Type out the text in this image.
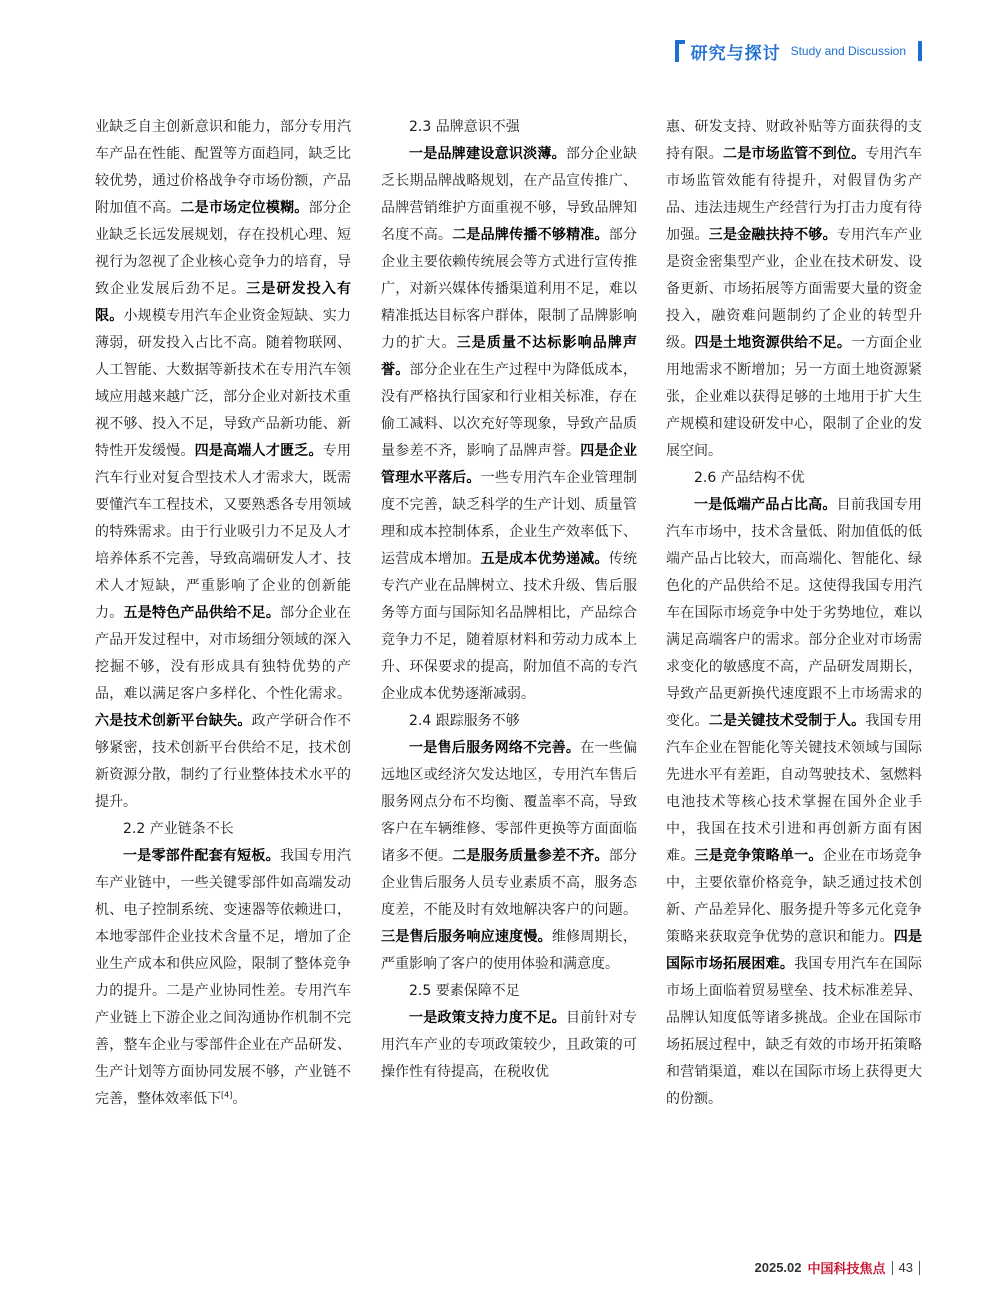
研究与探讨 Study and Discussion

业缺乏自主创新意识和能力，部分专用汽车产品在性能、配置等方面趋同，缺乏比较优势，通过价格战争夺市场份额，产品附加值不高。二是市场定位模糊。部分企业缺乏长远发展规划，存在投机心理、短视行为忽视了企业核心竞争力的培育，导致企业发展后劲不足。三是研发投入有限。小规模专用汽车企业资金短缺、实力薄弱，研发投入占比不高。随着物联网、人工智能、大数据等新技术在专用汽车领域应用越来越广泛，部分企业对新技术重视不够、投入不足，导致产品新功能、新特性开发缓慢。四是高端人才匮乏。专用汽车行业对复合型技术人才需求大，既需要懂汽车工程技术，又要熟悉各专用领域的特殊需求。由于行业吸引力不足及人才培养体系不完善，导致高端研发人才、技术人才短缺，严重影响了企业的创新能力。五是特色产品供给不足。部分企业在产品开发过程中，对市场细分领域的深入挖掘不够，没有形成具有独特优势的产品，难以满足客户多样化、个性化需求。六是技术创新平台缺失。政产学研合作不够紧密，技术创新平台供给不足，技术创新资源分散，制约了行业整体技术水平的提升。

2.2 产业链条不长

一是零部件配套有短板。我国专用汽车产业链中，一些关键零部件如高端发动机、电子控制系统、变速器等依赖进口，本地零部件企业技术含量不足，增加了企业生产成本和供应风险，限制了整体竞争力的提升。二是产业协同性差。专用汽车产业链上下游企业之间沟通协作机制不完善，整车企业与零部件企业在产品研发、生产计划等方面协同发展不够，产业链不完善，整体效率低下[4]。

2.3 品牌意识不强

一是品牌建设意识淡薄。部分企业缺乏长期品牌战略规划，在产品宣传推广、品牌营销维护方面重视不够，导致品牌知名度不高。二是品牌传播不够精准。部分企业主要依赖传统展会等方式进行宣传推广，对新兴媒体传播渠道利用不足，难以精准抵达目标客户群体，限制了品牌影响力的扩大。三是质量不达标影响品牌声誉。部分企业在生产过程中为降低成本，没有严格执行国家和行业相关标准，存在偷工减料、以次充好等现象，导致产品质量参差不齐，影响了品牌声誉。四是企业管理水平落后。一些专用汽车企业管理制度不完善，缺乏科学的生产计划、质量管理和成本控制体系，企业生产效率低下、运营成本增加。五是成本优势递减。传统专汽产业在品牌树立、技术升级、售后服务等方面与国际知名品牌相比，产品综合竞争力不足，随着原材料和劳动力成本上升、环保要求的提高，附加值不高的专汽企业成本优势逐渐减弱。

2.4 跟踪服务不够

一是售后服务网络不完善。在一些偏远地区或经济欠发达地区，专用汽车售后服务网点分布不均衡、覆盖率不高，导致客户在车辆维修、零部件更换等方面面临诸多不便。二是服务质量参差不齐。部分企业售后服务人员专业素质不高，服务态度差，不能及时有效地解决客户的问题。三是售后服务响应速度慢。维修周期长，严重影响了客户的使用体验和满意度。

2.5 要素保障不足

一是政策支持力度不足。目前针对专用汽车产业的专项政策较少，且政策的可操作性有待提高，在税收优

惠、研发支持、财政补贴等方面获得的支持有限。二是市场监管不到位。专用汽车市场监管效能有待提升，对假冒伪劣产品、违法违规生产经营行为打击力度有待加强。三是金融扶持不够。专用汽车产业是资金密集型产业，企业在技术研发、设备更新、市场拓展等方面需要大量的资金投入，融资难问题制约了企业的转型升级。四是土地资源供给不足。一方面企业用地需求不断增加；另一方面土地资源紧张，企业难以获得足够的土地用于扩大生产规模和建设研发中心，限制了企业的发展空间。

2.6 产品结构不优

一是低端产品占比高。目前我国专用汽车市场中，技术含量低、附加值低的低端产品占比较大，而高端化、智能化、绿色化的产品供给不足。这使得我国专用汽车在国际市场竞争中处于劣势地位，难以满足高端客户的需求。部分企业对市场需求变化的敏感度不高，产品研发周期长，导致产品更新换代速度跟不上市场需求的变化。二是关键技术受制于人。我国专用汽车企业在智能化等关键技术领域与国际先进水平有差距，自动驾驶技术、氢燃料电池技术等核心技术掌握在国外企业手中，我国在技术引进和再创新方面有困难。三是竞争策略单一。企业在市场竞争中，主要依靠价格竞争，缺乏通过技术创新、产品差异化、服务提升等多元化竞争策略来获取竞争优势的意识和能力。四是国际市场拓展困难。我国专用汽车在国际市场上面临着贸易壁垒、技术标准差异、品牌认知度低等诸多挑战。企业在国际市场拓展过程中，缺乏有效的市场开拓策略和营销渠道，难以在国际市场上获得更大的份额。

2025.02 中国科技焦点 43
